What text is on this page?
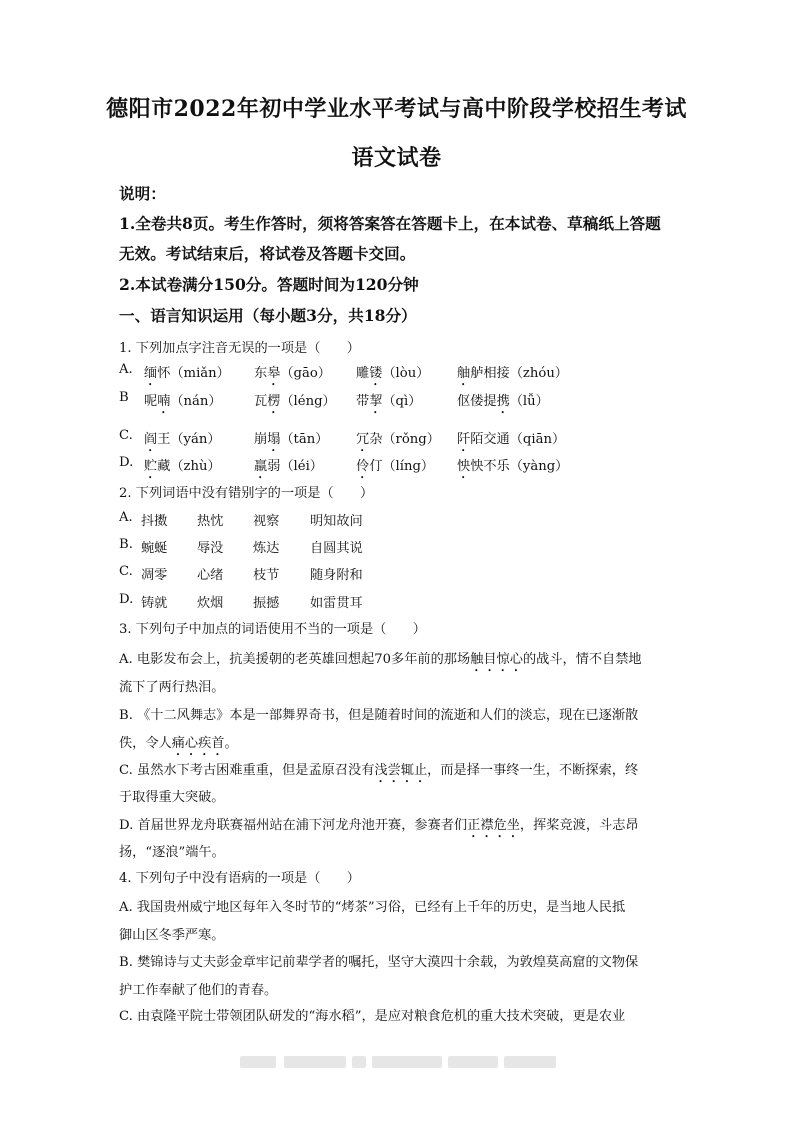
德阳市2022年初中学业水平考试与高中阶段学校招生考试
语文试卷
说明：
1.全卷共8页。考生作答时，须将答案答在答题卡上，在本试卷、草稿纸上答题
无效。考试结束后，将试卷及答题卡交回。
2.本试卷满分150分。答题时间为120分钟
一、语言知识运用（每小题3分，共18分）
1. 下列加点字注音无误的一项是（　　）
A. 缅怀（miǎn） 东皋（gāo） 雕镂（lòu） 舳舻相接（zhóu）
B 呢喃（nán） 瓦楞（léng） 带挈（qì）	伛偻提携（lǚ）
C. 阎王（yán）	崩塌（tān） 冗杂（rǒng） 阡陌交通（qiān）
D. 贮藏（zhù）	羸弱（léi）	伶仃（líng） 怏怏不乐（yàng）
2. 下列词语中没有错别字的一项是（　　）
A. 抖擞 热忱 视察 明知故问
B. 蜿蜒 辱没 炼达 自圆其说
C. 凋零 心绪 枝节 随身附和
D. 铸就 炊烟 振撼 如雷贯耳
3. 下列句子中加点的词语使用不当的一项是（　　）
A. 电影发布会上，抗美援朝的老英雄回想起70多年前的那场触目惊心的战斗，情不自禁地
流下了两行热泪。
B. 《十二风舞志》本是一部舞界奇书，但是随着时间的流逝和人们的淡忘，现在已逐渐散
佚，令人痛心疾首。
C. 虽然水下考古困难重重，但是孟原召没有浅尝辄止，而是择一事终一生，不断探索，终
于取得重大突破。
D. 首届世界龙舟联赛福州站在浦下河龙舟池开赛，参赛者们正襟危坐，挥桨竞渡，斗志昂
扬，“逐浪”端午。
4. 下列句子中没有语病的一项是（　　）
A. 我国贵州威宁地区每年入冬时节的“烤茶”习俗，已经有上千年的历史，是当地人民抵
御山区冬季严寒。
B. 樊锦诗与丈夫彭金章牢记前辈学者的嘱托，坚守大漠四十余载，为敦煌莫高窟的文物保
护工作奉献了他们的青春。
C. 由袁隆平院士带领团队研发的“海水稻”，是应对粮食危机的重大技术突破，更是农业
